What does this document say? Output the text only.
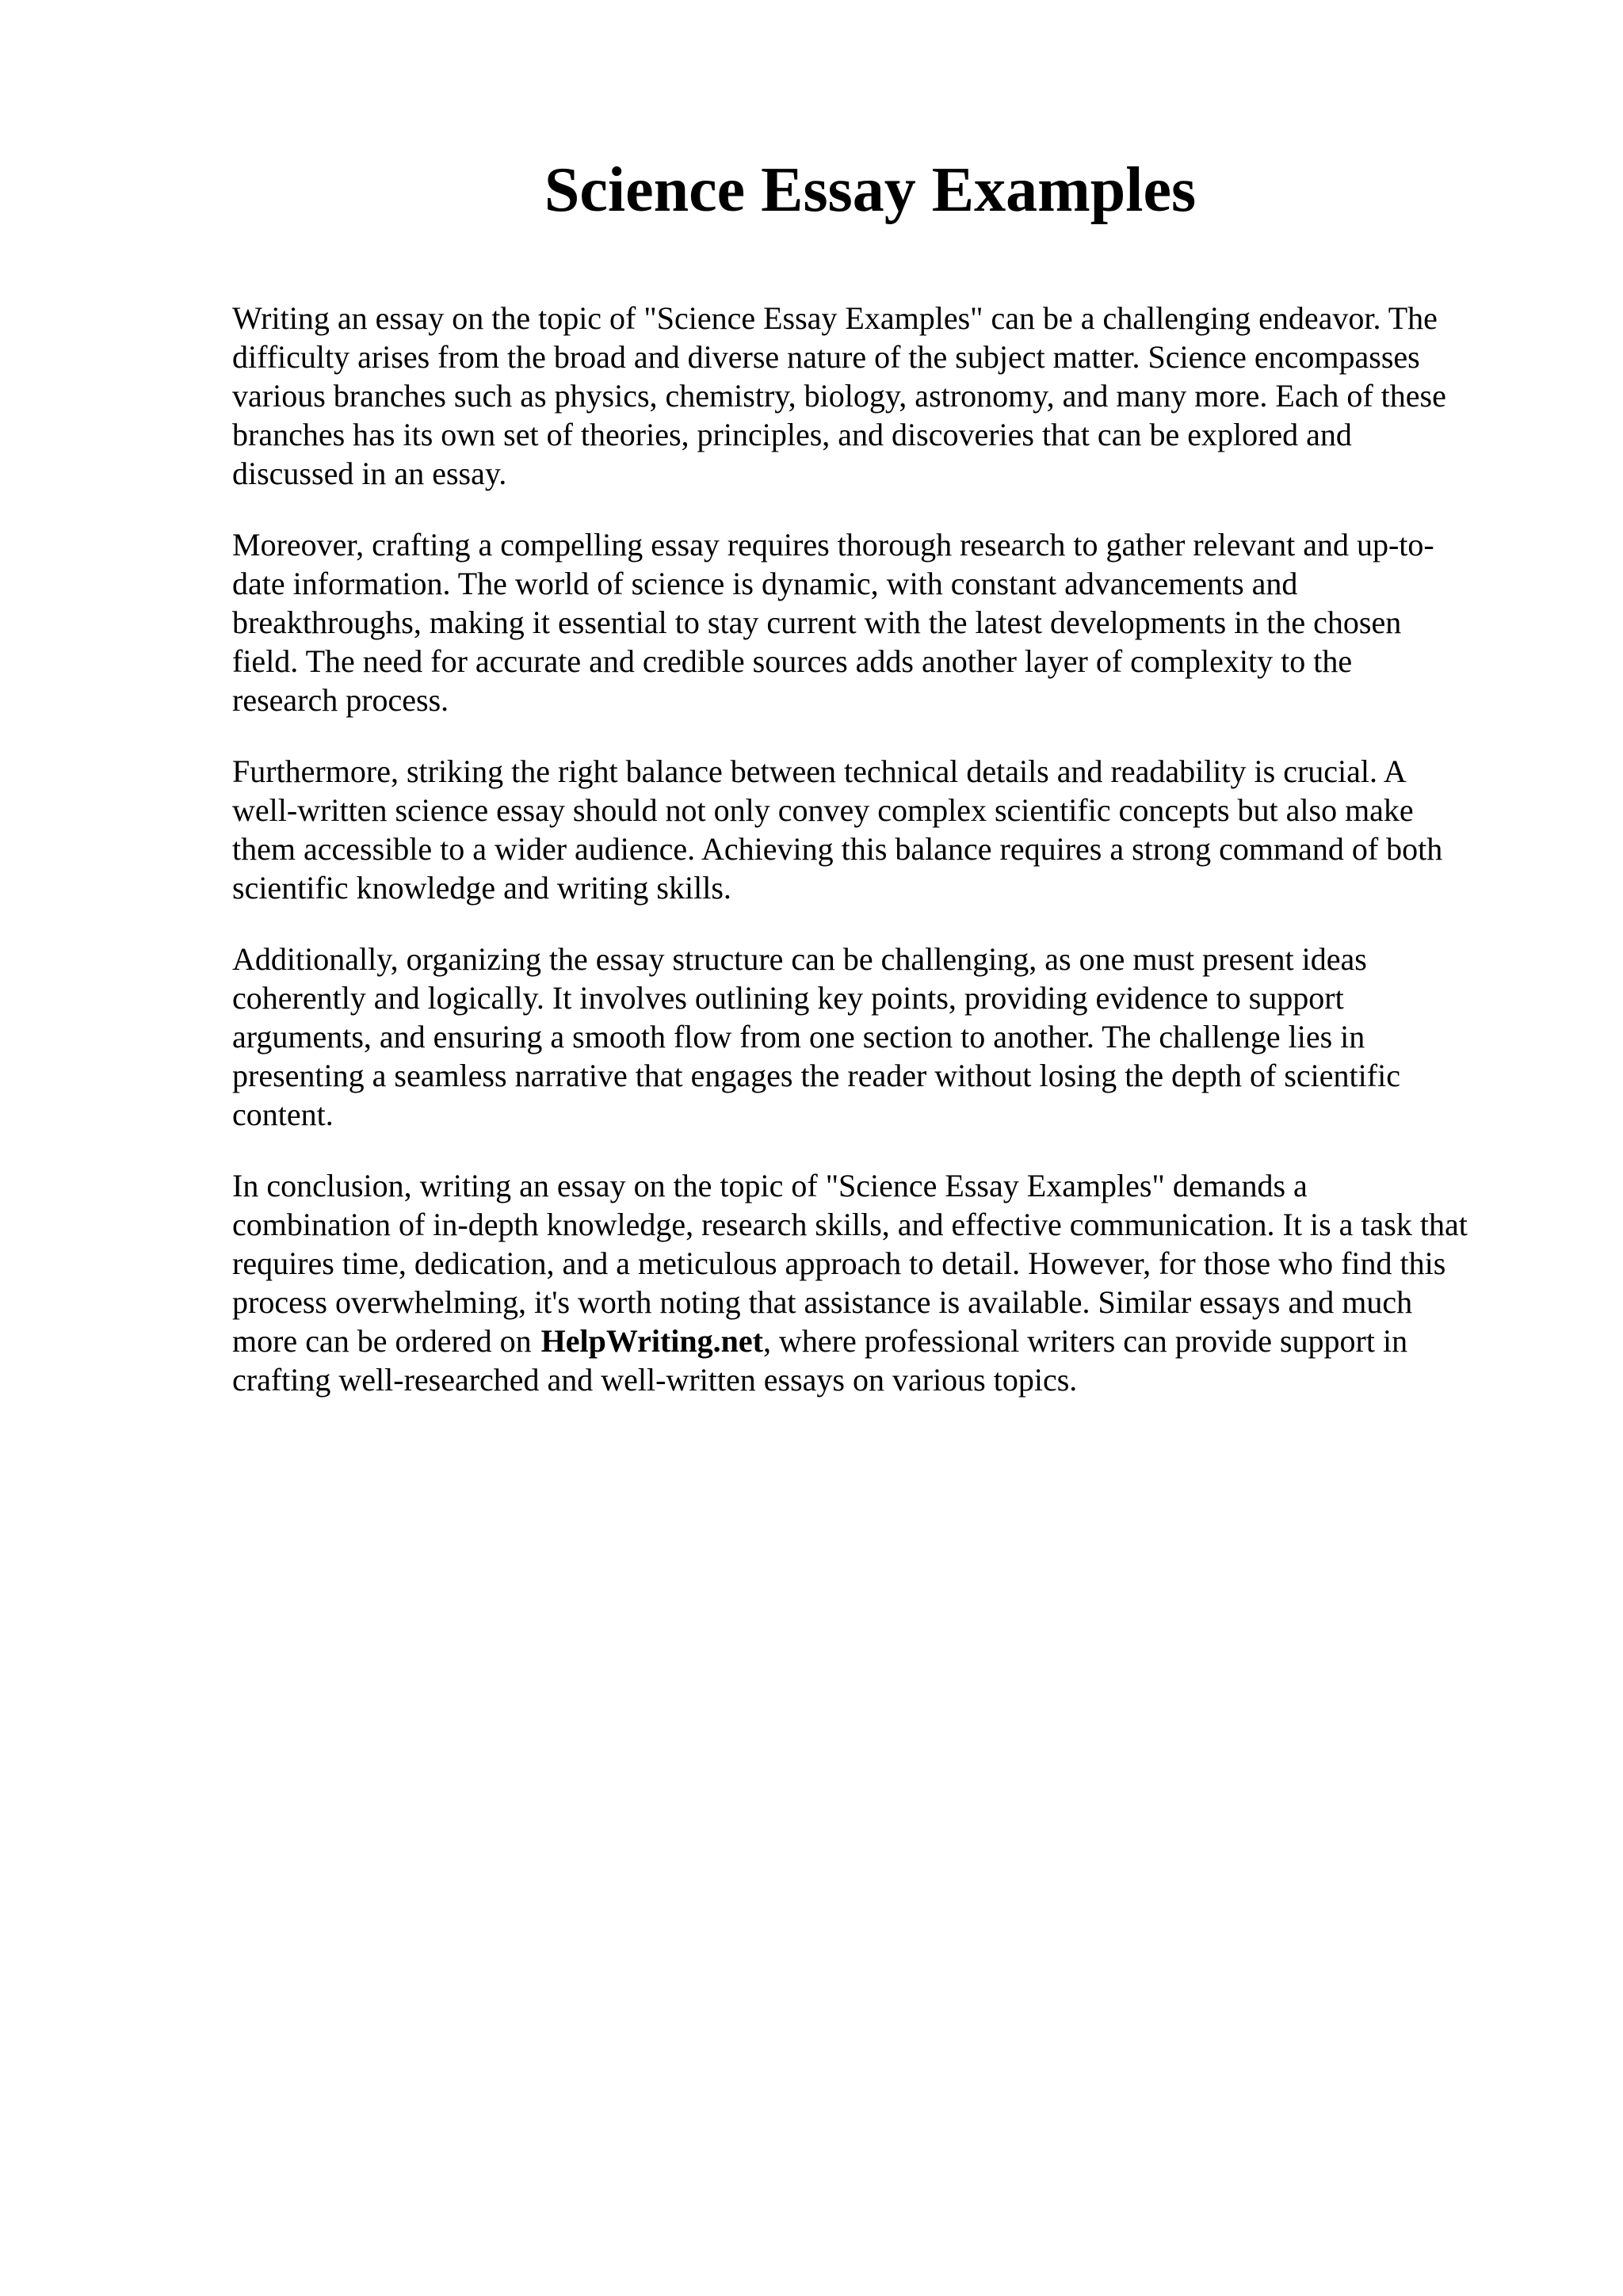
Science Essay Examples

Writing an essay on the topic of "Science Essay Examples" can be a challenging endeavor. The
difficulty arises from the broad and diverse nature of the subject matter. Science encompasses
various branches such as physics, chemistry, biology, astronomy, and many more. Each of these
branches has its own set of theories, principles, and discoveries that can be explored and
discussed in an essay.

Moreover, crafting a compelling essay requires thorough research to gather relevant and up-to-
date information. The world of science is dynamic, with constant advancements and
breakthroughs, making it essential to stay current with the latest developments in the chosen
field. The need for accurate and credible sources adds another layer of complexity to the
research process.

Furthermore, striking the right balance between technical details and readability is crucial. A
well-written science essay should not only convey complex scientific concepts but also make
them accessible to a wider audience. Achieving this balance requires a strong command of both
scientific knowledge and writing skills.

Additionally, organizing the essay structure can be challenging, as one must present ideas
coherently and logically. It involves outlining key points, providing evidence to support
arguments, and ensuring a smooth flow from one section to another. The challenge lies in
presenting a seamless narrative that engages the reader without losing the depth of scientific
content.

In conclusion, writing an essay on the topic of "Science Essay Examples" demands a
combination of in-depth knowledge, research skills, and effective communication. It is a task that
requires time, dedication, and a meticulous approach to detail. However, for those who find this
process overwhelming, it's worth noting that assistance is available. Similar essays and much
more can be ordered on HelpWriting.net, where professional writers can provide support in
crafting well-researched and well-written essays on various topics.
